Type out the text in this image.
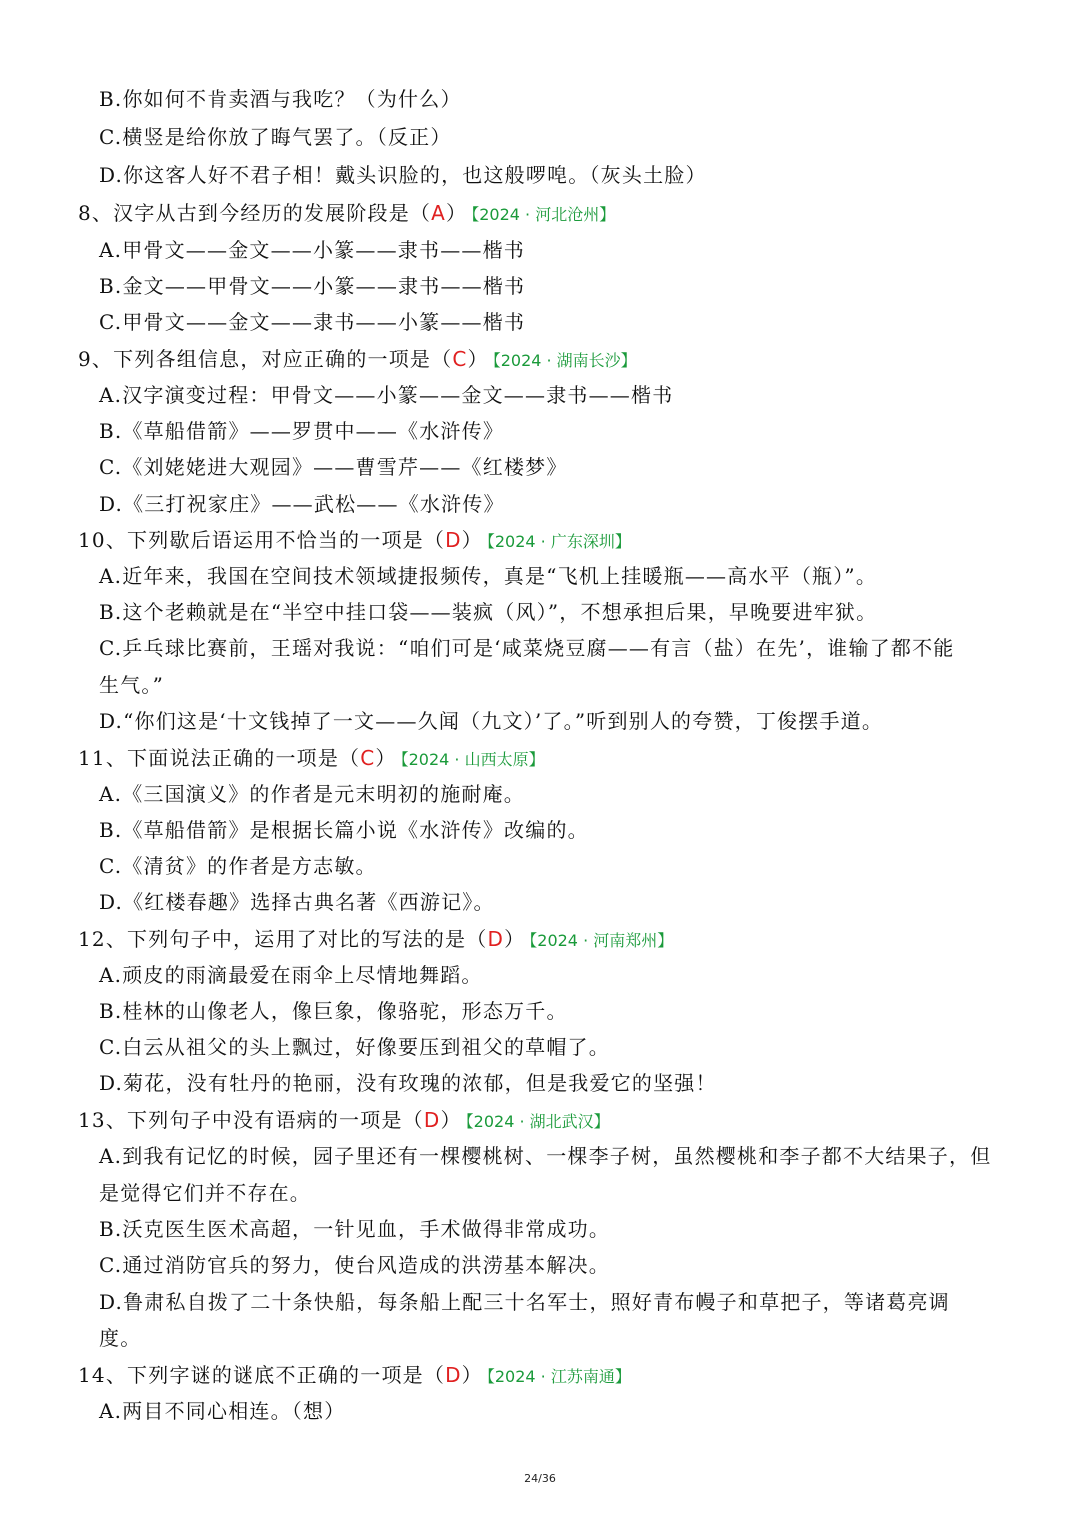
24/36
B.你如何不肯卖酒与我吃？（为什么）
C.横竖是给你放了晦气罢了。（反正）
D.你这客人好不君子相！戴头识脸的，也这般啰唣。（灰头土脸）
8、汉字从古到今经历的发展阶段是（A） 【2024 · 河北沧州】
A.甲骨文——金文——小篆——隶书——楷书
B.金文——甲骨文——小篆——隶书——楷书
C.甲骨文——金文——隶书——小篆——楷书
9、下列各组信息，对应正确的一项是（C） 【2024 · 湖南长沙】
A.汉字演变过程：甲骨文——小篆——金文——隶书——楷书
B.《草船借箭》——罗贯中——《水浒传》
C.《刘姥姥进大观园》——曹雪芹——《红楼梦》
D.《三打祝家庄》——武松——《水浒传》
10、下列歇后语运用不恰当的一项是（D） 【2024 · 广东深圳】
A.近年来，我国在空间技术领域捷报频传，真是“飞机上挂暖瓶——高水平（瓶）”。
B.这个老赖就是在“半空中挂口袋——装疯（风）”，不想承担后果，早晚要进牢狱。
C.乒乓球比赛前，王瑶对我说：“咱们可是‘咸菜烧豆腐——有言（盐）在先’，谁输了都不能
生气。”
D.“你们这是‘十文钱掉了一文——久闻（九文）’了。”听到别人的夸赞，丁俊摆手道。
11、下面说法正确的一项是（C） 【2024 · 山西太原】
A.《三国演义》的作者是元末明初的施耐庵。
B.《草船借箭》是根据长篇小说《水浒传》改编的。
C.《清贫》的作者是方志敏。
D.《红楼春趣》选择古典名著《西游记》。
12、下列句子中，运用了对比的写法的是（D） 【2024 · 河南郑州】
A.顽皮的雨滴最爱在雨伞上尽情地舞蹈。
B.桂林的山像老人，像巨象，像骆驼，形态万千。
C.白云从祖父的头上飘过，好像要压到祖父的草帽了。
D.菊花，没有牡丹的艳丽，没有玫瑰的浓郁，但是我爱它的坚强！
13、下列句子中没有语病的一项是（D） 【2024 · 湖北武汉】
A.到我有记忆的时候，园子里还有一棵樱桃树、一棵李子树，虽然樱桃和李子都不大结果子，但
是觉得它们并不存在。
B.沃克医生医术高超，一针见血，手术做得非常成功。
C.通过消防官兵的努力，使台风造成的洪涝基本解决。
D.鲁肃私自拨了二十条快船，每条船上配三十名军士，照好青布幔子和草把子，等诸葛亮调
度。
14、下列字谜的谜底不正确的一项是（D） 【2024 · 江苏南通】
A.两目不同心相连。（想）
